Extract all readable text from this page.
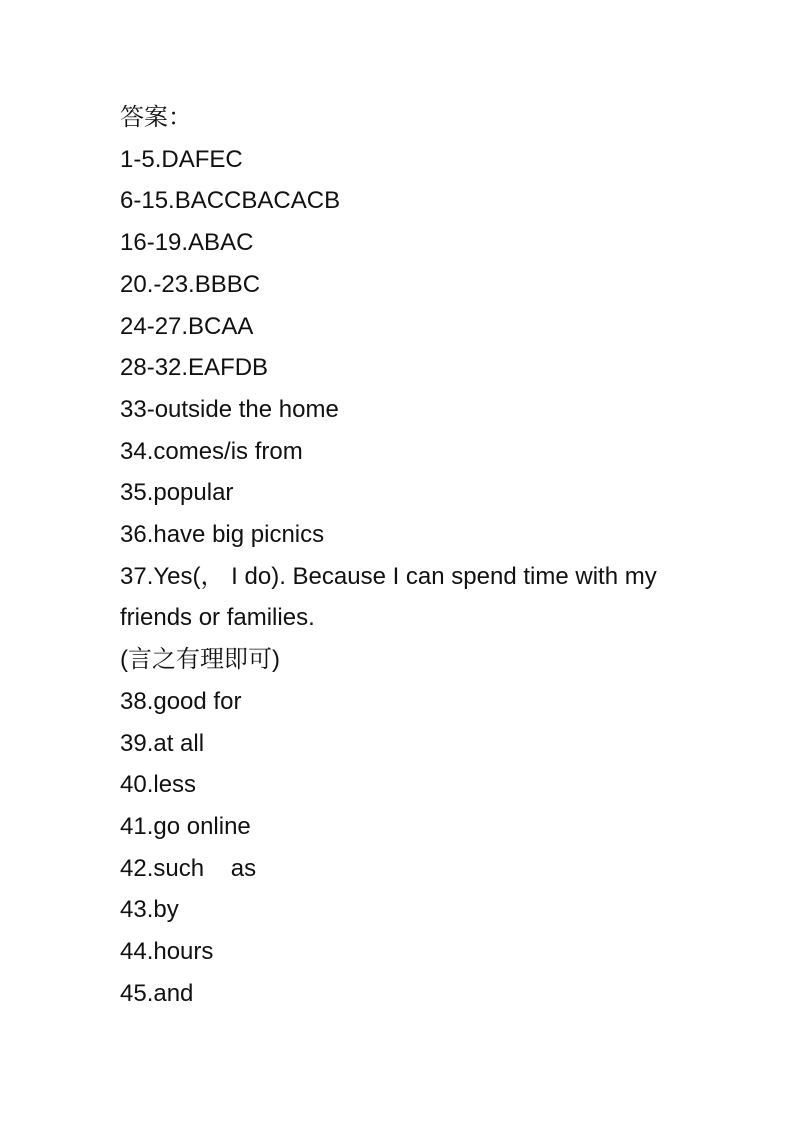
答案：

1-5.DAFEC

6-15.BACCBACACB

16-19.ABAC

20.-23.BBBC

24-27.BCAA

28-32.EAFDB

33-outside the home

34.comes/is from

35.popular

36.have big picnics

37.Yes(， I do). Because I can spend time with my friends or families.

(言之有理即可)

38.good for

39.at all

40.less

41.go online

42.such    as

43.by

44.hours

45.and
